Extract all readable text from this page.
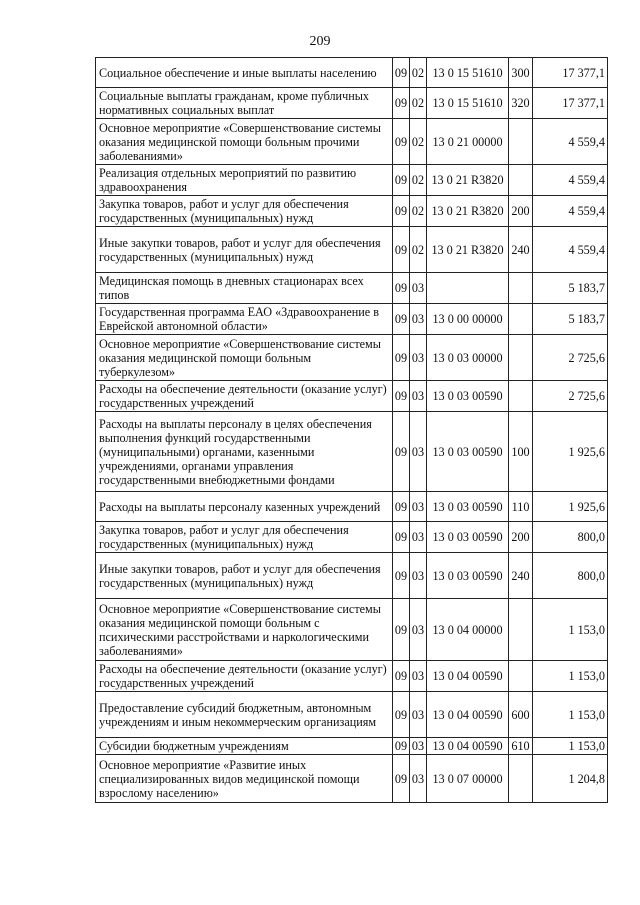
209
Социальное обеспечение и иные выплаты населению	09	02	13 0 15 51610	300	17 377,1
Социальные выплаты гражданам, кроме публичных нормативных социальных выплат	09	02	13 0 15 51610	320	17 377,1
Основное мероприятие «Совершенствование системы оказания медицинской помощи больным прочими заболеваниями»	09	02	13 0 21 00000		4 559,4
Реализация отдельных мероприятий по развитию здравоохранения	09	02	13 0 21 R3820		4 559,4
Закупка товаров, работ и услуг для обеспечения государственных (муниципальных) нужд	09	02	13 0 21 R3820	200	4 559,4
Иные закупки товаров, работ и услуг для обеспечения государственных (муниципальных) нужд	09	02	13 0 21 R3820	240	4 559,4
Медицинская помощь в дневных стационарах всех типов	09	03			5 183,7
Государственная программа ЕАО «Здравоохранение в Еврейской автономной области»	09	03	13 0 00 00000		5 183,7
Основное мероприятие «Совершенствование системы оказания медицинской помощи больным туберкулезом»	09	03	13 0 03 00000		2 725,6
Расходы на обеспечение деятельности (оказание услуг) государственных учреждений	09	03	13 0 03 00590		2 725,6
Расходы на выплаты персоналу в целях обеспечения выполнения функций государственными (муниципальными) органами, казенными учреждениями, органами управления государственными внебюджетными фондами	09	03	13 0 03 00590	100	1 925,6
Расходы на выплаты персоналу казенных учреждений	09	03	13 0 03 00590	110	1 925,6
Закупка товаров, работ и услуг для обеспечения государственных (муниципальных) нужд	09	03	13 0 03 00590	200	800,0
Иные закупки товаров, работ и услуг для обеспечения государственных (муниципальных) нужд	09	03	13 0 03 00590	240	800,0
Основное мероприятие «Совершенствование системы оказания медицинской помощи больным с психическими расстройствами и наркологическими заболеваниями»	09	03	13 0 04 00000		1 153,0
Расходы на обеспечение деятельности (оказание услуг) государственных учреждений	09	03	13 0 04 00590		1 153,0
Предоставление субсидий бюджетным, автономным учреждениям и иным некоммерческим организациям	09	03	13 0 04 00590	600	1 153,0
Субсидии бюджетным учреждениям	09	03	13 0 04 00590	610	1 153,0
Основное мероприятие «Развитие иных специализированных видов медицинской помощи взрослому населению»	09	03	13 0 07 00000		1 204,8
